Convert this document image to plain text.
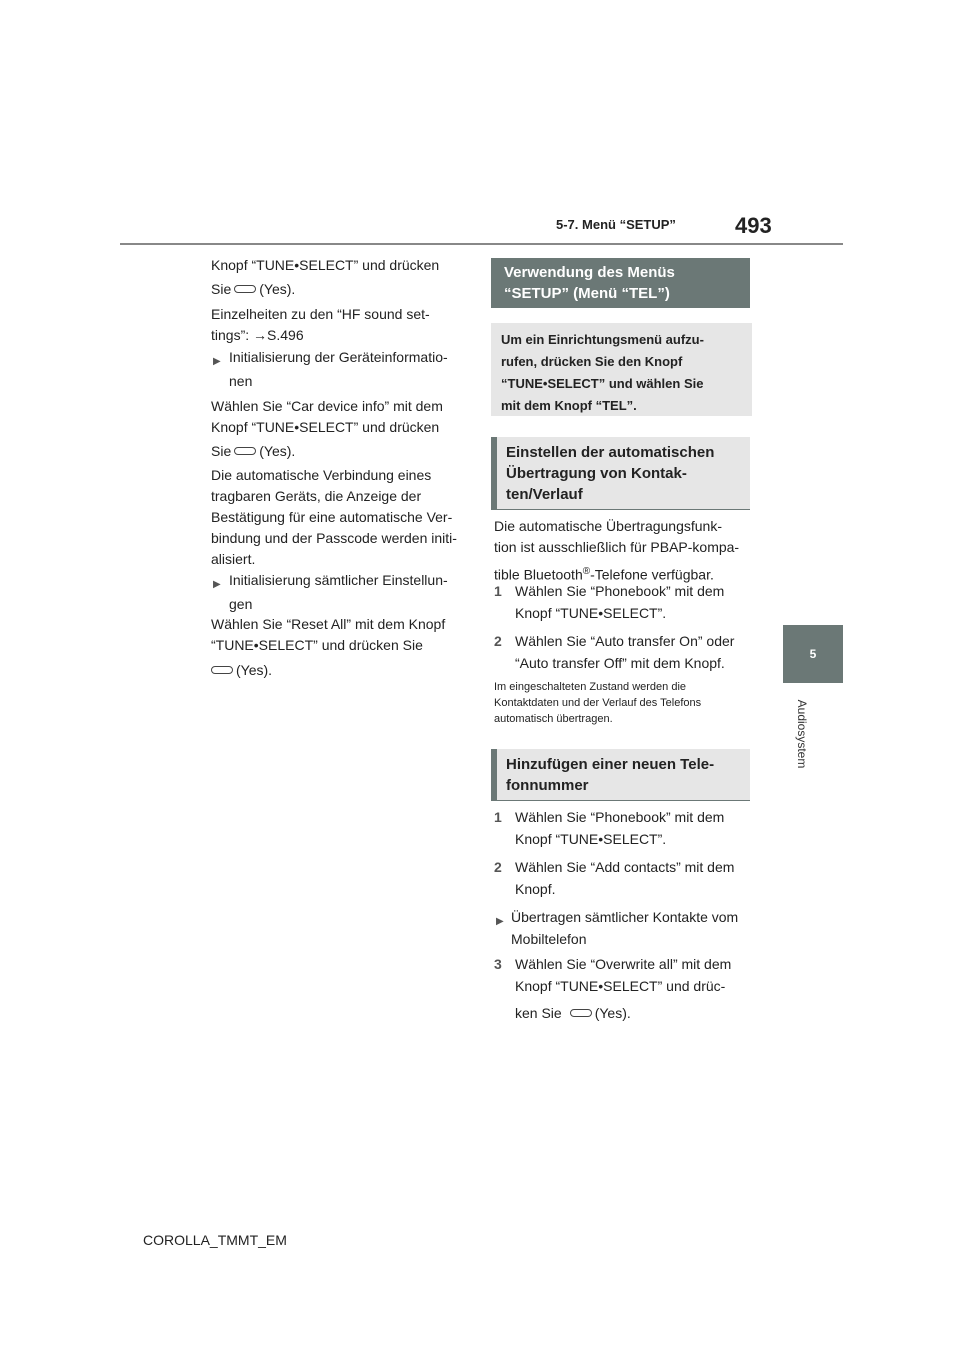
5-7. Menü “SETUP”	493
5
Audiosystem
Knopf “TUNE•SELECT” und drücken
Sie (Yes).
Einzelheiten zu den “HF sound set-
tings”: →S.496
▶ Initialisierung der Geräteinformatio-
nen
Wählen Sie “Car device info” mit dem
Knopf “TUNE•SELECT” und drücken
Sie (Yes).
Die automatische Verbindung eines
tragbaren Geräts, die Anzeige der
Bestätigung für eine automatische Ver-
bindung und der Passcode werden initi-
alisiert.
▶ Initialisierung sämtlicher Einstellun-
gen
Wählen Sie “Reset All” mit dem Knopf
“TUNE•SELECT” und drücken Sie
(Yes).
Verwendung des Menüs
“SETUP” (Menü “TEL”)
Um ein Einrichtungsmenü aufzu-
rufen, drücken Sie den Knopf
“TUNE•SELECT” und wählen Sie
mit dem Knopf “TEL”.
Einstellen der automatischen
Übertragung von Kontak-
ten/Verlauf
Die automatische Übertragungsfunk-
tion ist ausschließlich für PBAP-kompa-
tible Bluetooth®-Telefone verfügbar.
1 Wählen Sie “Phonebook” mit dem
Knopf “TUNE•SELECT”.
2 Wählen Sie “Auto transfer On” oder
“Auto transfer Off” mit dem Knopf.
Im eingeschalteten Zustand werden die
Kontaktdaten und der Verlauf des Telefons
automatisch übertragen.
Hinzufügen einer neuen Tele-
fonnummer
1 Wählen Sie “Phonebook” mit dem
Knopf “TUNE•SELECT”.
2 Wählen Sie “Add contacts” mit dem
Knopf.
▶ Übertragen sämtlicher Kontakte vom
Mobiltelefon
3 Wählen Sie “Overwrite all” mit dem
Knopf “TUNE•SELECT” und drüc-
ken Sie (Yes).
COROLLA_TMMT_EM
